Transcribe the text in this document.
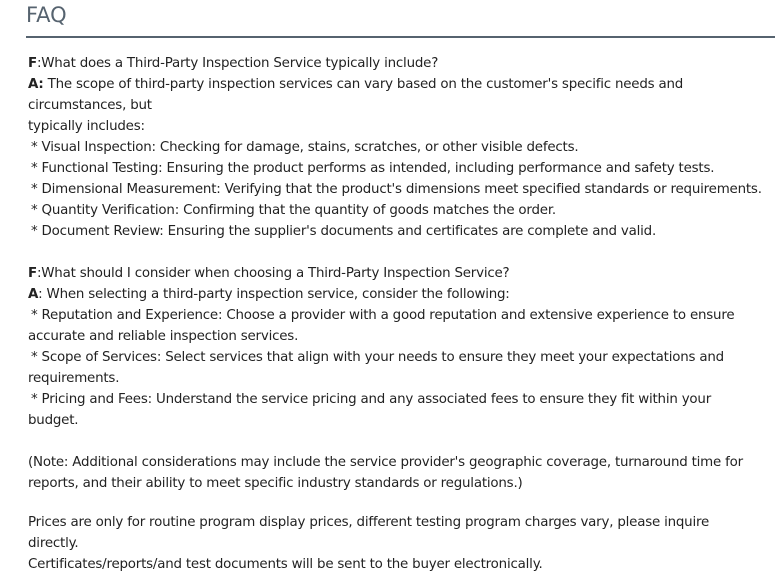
FAQ
F:What does a Third-Party Inspection Service typically include?
A: The scope of third-party inspection services can vary based on the customer's specific needs and
circumstances, but
typically includes:
* Visual Inspection: Checking for damage, stains, scratches, or other visible defects.
* Functional Testing: Ensuring the product performs as intended, including performance and safety tests.
* Dimensional Measurement: Verifying that the product's dimensions meet specified standards or requirements.
* Quantity Verification: Confirming that the quantity of goods matches the order.
* Document Review: Ensuring the supplier's documents and certificates are complete and valid.
F:What should I consider when choosing a Third-Party Inspection Service?
A: When selecting a third-party inspection service, consider the following:
* Reputation and Experience: Choose a provider with a good reputation and extensive experience to ensure
accurate and reliable inspection services.
* Scope of Services: Select services that align with your needs to ensure they meet your expectations and
requirements.
* Pricing and Fees: Understand the service pricing and any associated fees to ensure they fit within your
budget.
(Note: Additional considerations may include the service provider's geographic coverage, turnaround time for
reports, and their ability to meet specific industry standards or regulations.)
Prices are only for routine program display prices, different testing program charges vary, please inquire
directly.
Certificates/reports/and test documents will be sent to the buyer electronically.
